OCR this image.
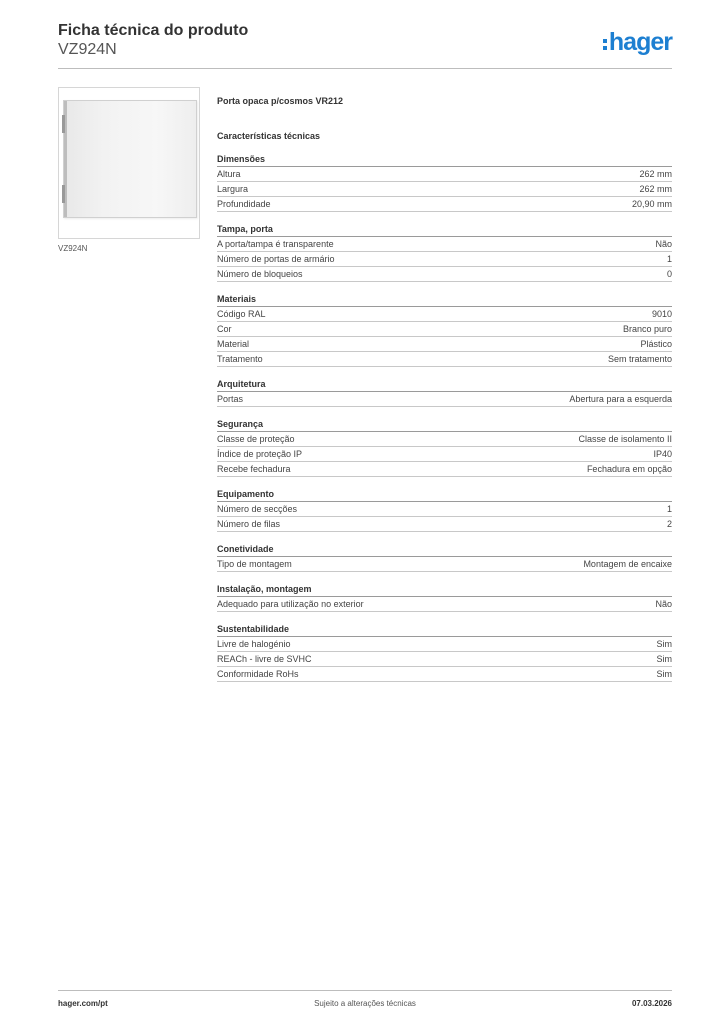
Ficha técnica do produto
VZ924N	hager
VZ924N
Porta opaca p/cosmos VR212
Características técnicas
Dimensões
Altura	262 mm
Largura	262 mm
Profundidade	20,90 mm
Tampa, porta
A porta/tampa é transparente	Não
Número de portas de armário	1
Número de bloqueios	0
Materiais
Código RAL	9010
Cor	Branco puro
Material	Plástico
Tratamento	Sem tratamento
Arquitetura
Portas	Abertura para a esquerda
Segurança
Classe de proteção	Classe de isolamento II
Índice de proteção IP	IP40
Recebe fechadura	Fechadura em opção
Equipamento
Número de secções	1
Número de filas	2
Conetividade
Tipo de montagem	Montagem de encaixe
Instalação, montagem
Adequado para utilização no exterior	Não
Sustentabilidade
Livre de halogénio	Sim
REACh - livre de SVHC	Sim
Conformidade RoHs	Sim
hager.com/pt	Sujeito a alterações técnicas	07.03.2026
